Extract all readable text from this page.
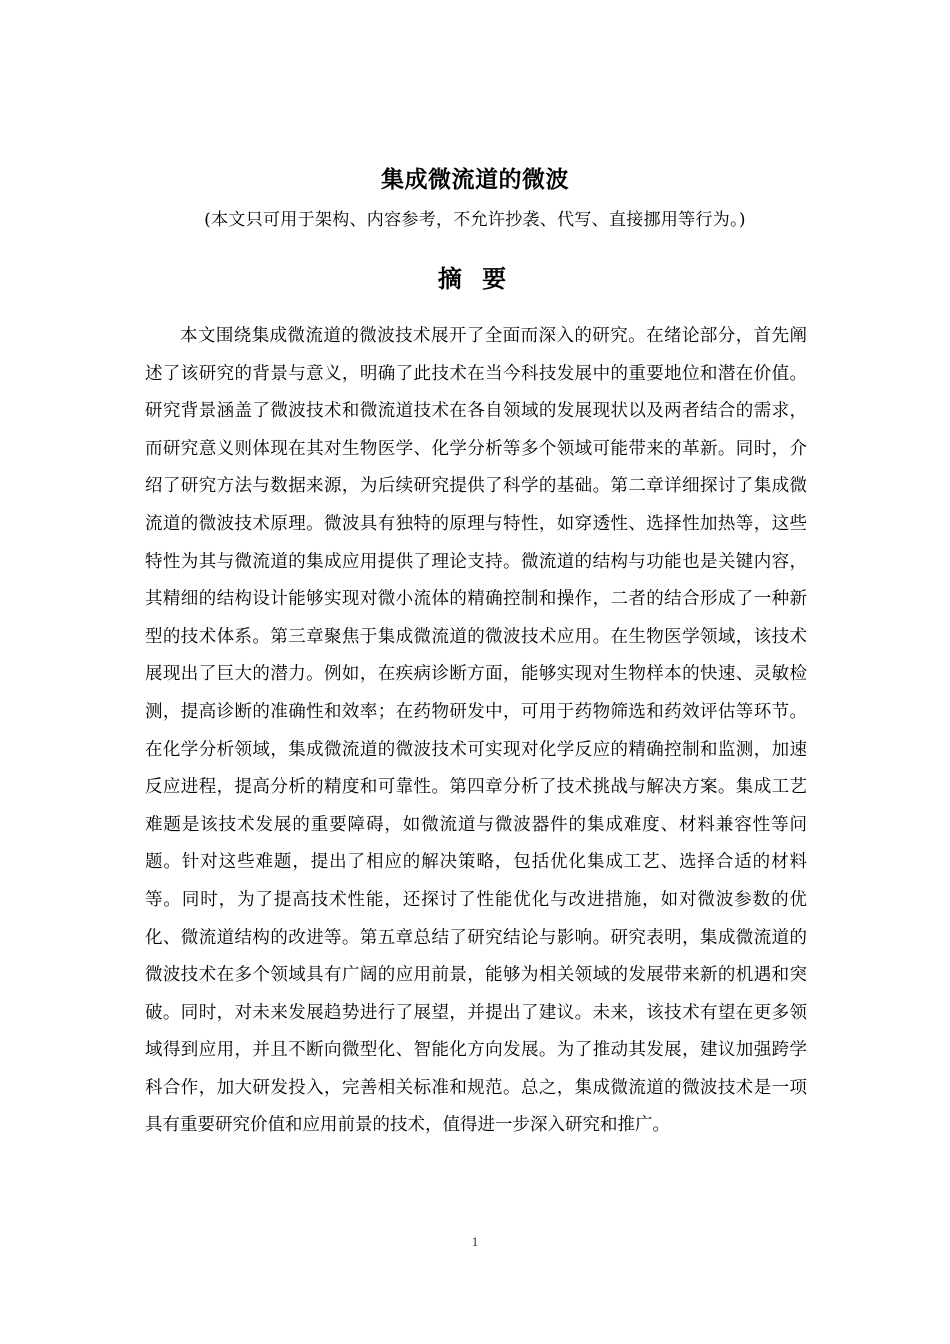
集成微流道的微波
(本文只可用于架构、内容参考，不允许抄袭、代写、直接挪用等行为。)
摘 要

本文围绕集成微流道的微波技术展开了全面而深入的研究。在绪论部分，首先阐述了该研究的背景与意义，明确了此技术在当今科技发展中的重要地位和潜在价值。研究背景涵盖了微波技术和微流道技术在各自领域的发展现状以及两者结合的需求，而研究意义则体现在其对生物医学、化学分析等多个领域可能带来的革新。同时，介绍了研究方法与数据来源，为后续研究提供了科学的基础。第二章详细探讨了集成微流道的微波技术原理。微波具有独特的原理与特性，如穿透性、选择性加热等，这些特性为其与微流道的集成应用提供了理论支持。微流道的结构与功能也是关键内容，其精细的结构设计能够实现对微小流体的精确控制和操作，二者的结合形成了一种新型的技术体系。第三章聚焦于集成微流道的微波技术应用。在生物医学领域，该技术展现出了巨大的潜力。例如，在疾病诊断方面，能够实现对生物样本的快速、灵敏检测，提高诊断的准确性和效率；在药物研发中，可用于药物筛选和药效评估等环节。在化学分析领域，集成微流道的微波技术可实现对化学反应的精确控制和监测，加速反应进程，提高分析的精度和可靠性。第四章分析了技术挑战与解决方案。集成工艺难题是该技术发展的重要障碍，如微流道与微波器件的集成难度、材料兼容性等问题。针对这些难题，提出了相应的解决策略，包括优化集成工艺、选择合适的材料等。同时，为了提高技术性能，还探讨了性能优化与改进措施，如对微波参数的优化、微流道结构的改进等。第五章总结了研究结论与影响。研究表明，集成微流道的微波技术在多个领域具有广阔的应用前景，能够为相关领域的发展带来新的机遇和突破。同时，对未来发展趋势进行了展望，并提出了建议。未来，该技术有望在更多领域得到应用，并且不断向微型化、智能化方向发展。为了推动其发展，建议加强跨学科合作，加大研发投入，完善相关标准和规范。总之，集成微流道的微波技术是一项具有重要研究价值和应用前景的技术，值得进一步深入研究和推广。

1
